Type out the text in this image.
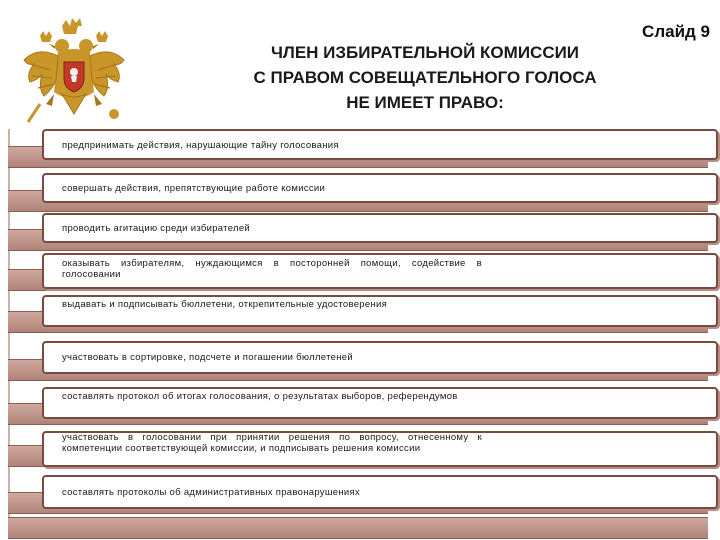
Слайд 9
ЧЛЕН ИЗБИРАТЕЛЬНОЙ КОМИССИИ
С ПРАВОМ СОВЕЩАТЕЛЬНОГО ГОЛОСА
НЕ ИМЕЕТ ПРАВО:
предпринимать действия, нарушающие тайну голосования
совершать действия, препятствующие работе комиссии
проводить агитацию среди избирателей
оказывать избирателям, нуждающимся в посторонней помощи, содействие в голосовании
выдавать и подписывать бюллетени, открепительные удостоверения
участвовать в сортировке, подсчете и погашении бюллетеней
составлять протокол об итогах голосования, о результатах выборов, референдумов
участвовать в голосовании при принятии решения по вопросу, отнесенному к компетенции соответствующей комиссии, и подписывать решения комиссии
составлять протоколы об административных правонарушениях
